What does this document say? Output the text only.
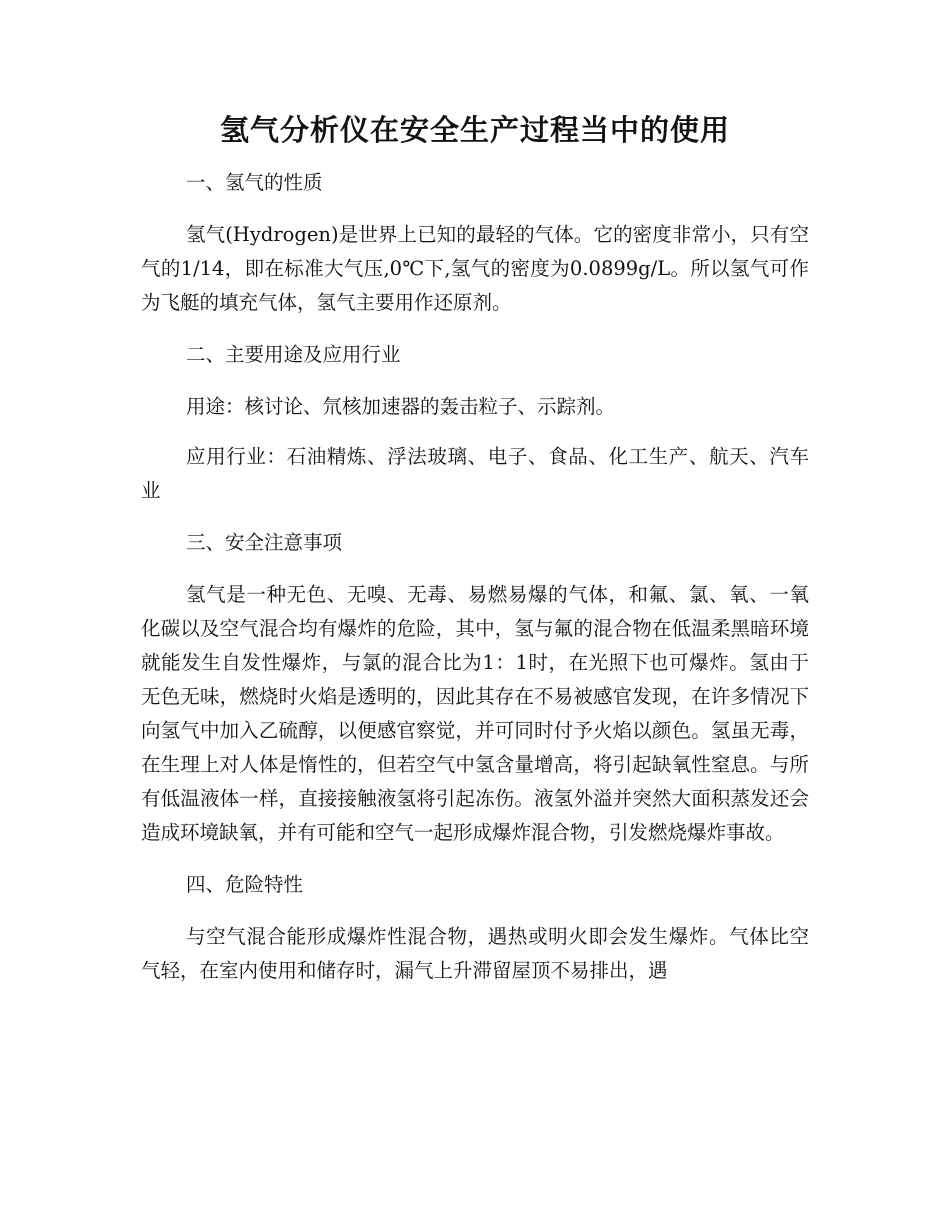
氢气分析仪在安全生产过程当中的使用
一、氢气的性质

氢气(Hydrogen)是世界上已知的最轻的气体。它的密度非常小，只有空气的1/14，即在标准大气压,0℃下,氢气的密度为0.0899g/L。所以氢气可作为飞艇的填充气体，氢气主要用作还原剂。

二、主要用途及应用行业

用途：核讨论、氘核加速器的轰击粒子、示踪剂。

应用行业：石油精炼、浮法玻璃、电子、食品、化工生产、航天、汽车业

三、安全注意事项

氢气是一种无色、无嗅、无毒、易燃易爆的气体，和氟、氯、氧、一氧化碳以及空气混合均有爆炸的危险，其中，氢与氟的混合物在低温柔黑暗环境就能发生自发性爆炸，与氯的混合比为1：1时，在光照下也可爆炸。氢由于无色无味，燃烧时火焰是透明的，因此其存在不易被感官发现，在许多情况下向氢气中加入乙硫醇，以便感官察觉，并可同时付予火焰以颜色。氢虽无毒，在生理上对人体是惰性的，但若空气中氢含量增高，将引起缺氧性窒息。与所有低温液体一样，直接接触液氢将引起冻伤。液氢外溢并突然大面积蒸发还会造成环境缺氧，并有可能和空气一起形成爆炸混合物，引发燃烧爆炸事故。

四、危险特性

与空气混合能形成爆炸性混合物，遇热或明火即会发生爆炸。气体比空气轻，在室内使用和储存时，漏气上升滞留屋顶不易排出，遇
